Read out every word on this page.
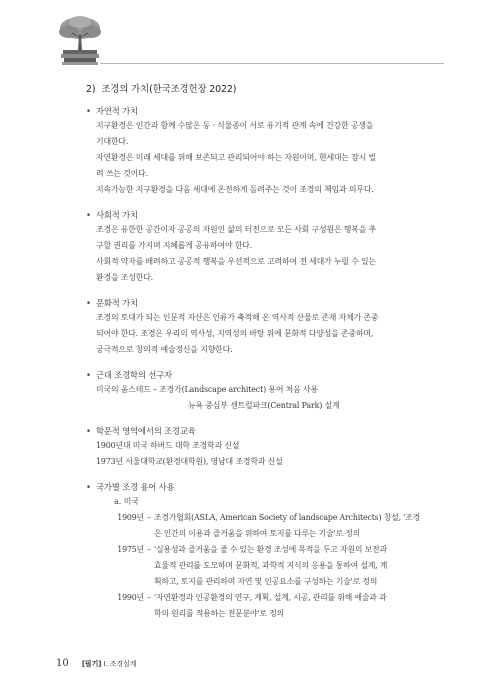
2) 조경의 가치(한국조경헌장 2022)
• 자연적 가치
지구환경은 인간과 함께 수많은 동 · 식물종이 서로 유기적 관계 속에 건강한 공생을
기대한다.
자연환경은 미래 세대를 위해 보존되고 관리되어야 하는 자원이며, 현세대는 잠시 빌
려 쓰는 것이다.
지속가능한 지구환경을 다음 세대에 온전하게 돌려주는 것이 조경의 책임과 의무다.
• 사회적 가치
조경은 유한한 공간이자 공공의 자원인 삶의 터전으로 모든 사회 구성원은 행복을 추
구할 권리를 가지며 지혜롭게 공유하여야 한다.
사회적 약자를 배려하고 공공적 행복을 우선적으로 고려하여 전 세대가 누릴 수 있는
환경을 조성한다.
• 문화적 가치
조경의 토대가 되는 인문적 자산은 인류가 축적해 온 역사적 산물로 존재 자체가 존중
되어야 한다. 조경은 우리의 역사성, 지역성의 바탕 위에 문화적 다양성을 존중하며,
궁극적으로 창의적 예술정신을 지향한다.
• 근대 조경학의 선구자
미국의 옴스테드 – 조경가(Landscape architect) 용어 처음 사용
뉴욕 중심부 센트럴파크(Central Park) 설계
• 학문적 영역에서의 조경교육
1900년대 미국 하버드 대학 조경학과 신설
1973년 서울대학교(환경대학원), 영남대 조경학과 신설
• 국가별 조경 용어 사용
a. 미국
1909년 – 조경가협회(ASLA, American Society of landscape Architects) 창설, '조경
은 인간의 이용과 즐거움을 위하여 토지를 다루는 기술'로 정의
1975년 – '실용성과 즐거움을 줄 수 있는 환경 조성에 목적을 두고 자원의 보전과
효율적 관리를 도모하며 문화적, 과학적 지식의 응용을 통하여 설계, 계
획하고, 토지를 관리하며 자연 및 인공요소를 구성하는 기술'로 정의
1990년 – '자연환경과 인공환경의 연구, 계획, 설계, 시공, 관리를 위해 예술과 과
학의 원리를 적용하는 전문분야'로 정의
10 [필기] I. 조경설계
